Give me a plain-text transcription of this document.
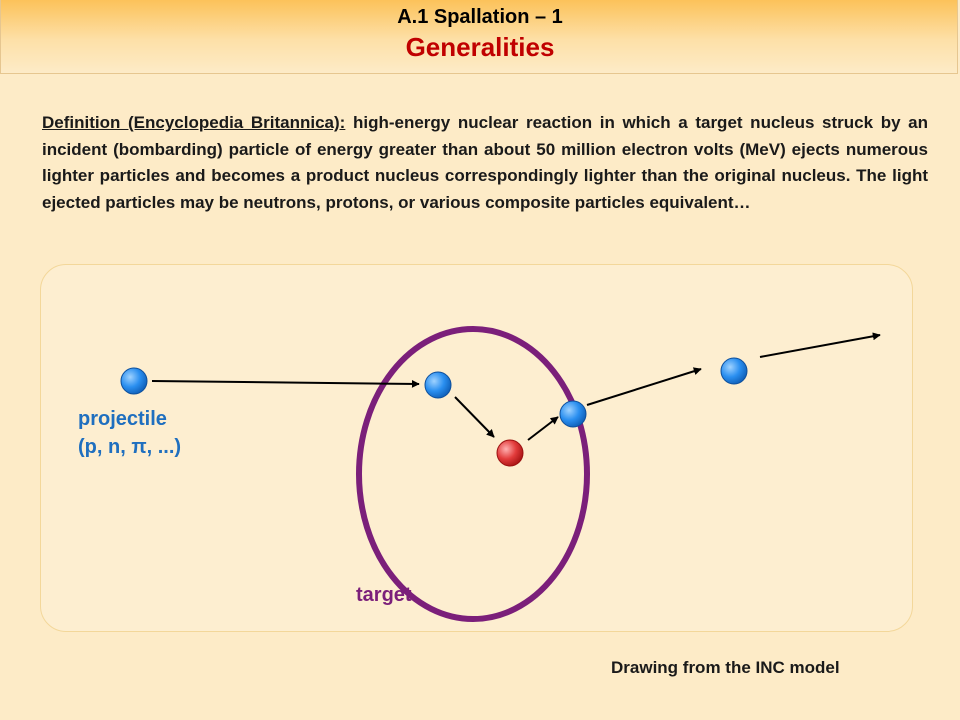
A.1 Spallation – 1
Generalities
Definition (Encyclopedia Britannica): high-energy nuclear reaction in which a target nucleus struck by an incident (bombarding) particle of energy greater than about 50 million electron volts (MeV) ejects numerous lighter particles and becomes a product nucleus correspondingly lighter than the original nucleus. The light ejected particles may be neutrons, protons, or various composite particles equivalent…
projectile
(p, n, π, ...)
target
Drawing from the INC model
